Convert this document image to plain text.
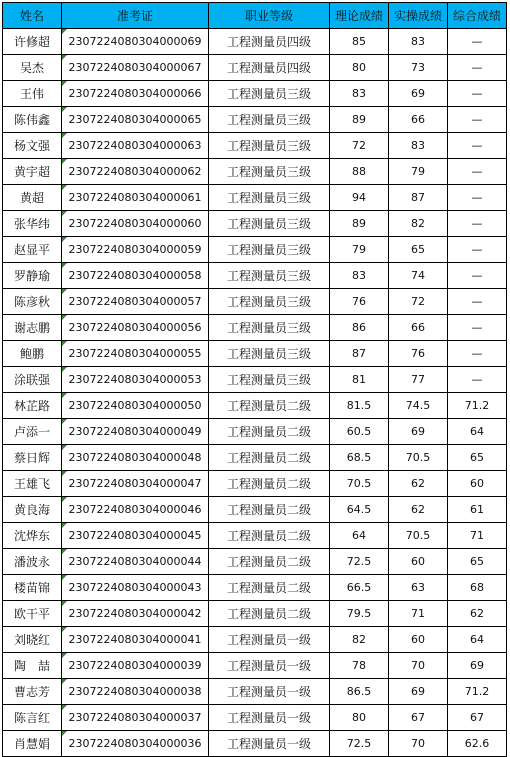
姓名	准考证	职业等级	理论成绩	实操成绩	综合成绩
许修超	2307224080304000069	工程测量员四级	85	83	—
吴杰	2307224080304000067	工程测量员四级	80	73	—
王伟	2307224080304000066	工程测量员三级	83	69	—
陈伟鑫	2307224080304000065	工程测量员三级	89	66	—
杨文强	2307224080304000063	工程测量员三级	72	83	—
黄宇超	2307224080304000062	工程测量员三级	88	79	—
黄超	2307224080304000061	工程测量员三级	94	87	—
张华纬	2307224080304000060	工程测量员三级	89	82	—
赵显平	2307224080304000059	工程测量员三级	79	65	—
罗静瑜	2307224080304000058	工程测量员三级	83	74	—
陈彦秋	2307224080304000057	工程测量员三级	76	72	—
谢志鹏	2307224080304000056	工程测量员三级	86	66	—
鲍鹏	2307224080304000055	工程测量员三级	87	76	—
涂联强	2307224080304000053	工程测量员三级	81	77	—
林芷路	2307224080304000050	工程测量员二级	81.5	74.5	71.2
卢添一	2307224080304000049	工程测量员二级	60.5	69	64
蔡日辉	2307224080304000048	工程测量员二级	68.5	70.5	65
王雄飞	2307224080304000047	工程测量员二级	70.5	62	60
黄良海	2307224080304000046	工程测量员二级	64.5	62	61
沈烨东	2307224080304000045	工程测量员二级	64	70.5	71
潘波永	2307224080304000044	工程测量员二级	72.5	60	65
楼苗锦	2307224080304000043	工程测量员二级	66.5	63	68
欧干平	2307224080304000042	工程测量员二级	79.5	71	62
刘晓红	2307224080304000041	工程测量员一级	82	60	64
陶　喆	2307224080304000039	工程测量员一级	78	70	69
曹志芳	2307224080304000038	工程测量员一级	86.5	69	71.2
陈言红	2307224080304000037	工程测量员一级	80	67	67
肖慧娟	2307224080304000036	工程测量员一级	72.5	70	62.6
